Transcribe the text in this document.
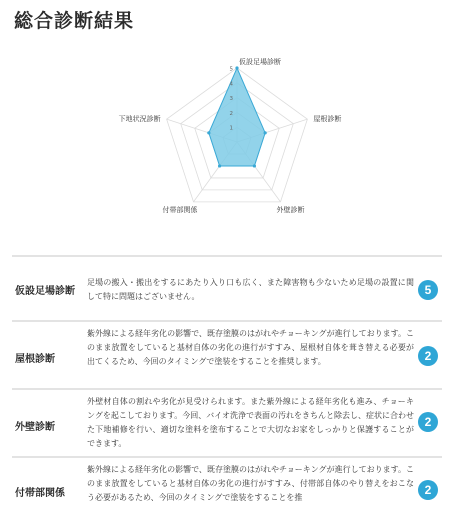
総合診断結果
1
2
3
4
5
仮設足場診断
屋根診断
外壁診断
付帯部関係
下地状況診断
仮設足場診断
足場の搬入・搬出をするにあたり入り口も広く、また障害物も少ないため足場の設置に関して特に問題はございません。	5
屋根診断
紫外線による経年劣化の影響で、既存塗膜のはがれやチョーキングが進行しております。このまま放置をしていると基材自体の劣化の進行がすすみ、屋根材自体を葺き替える必要が出てくるため、今回のタイミングで塗装をすることを推奨します。	2
外壁診断
外壁材自体の割れや劣化が見受けられます。また紫外線による経年劣化も進み、チョーキングを起こしております。今回、バイオ洗浄で表面の汚れをきちんと除去し、症状に合わせた下地補修を行い、適切な塗料を塗布することで大切なお家をしっかりと保護することができます。
2
付帯部関係
紫外線による経年劣化の影響で、既存塗膜のはがれやチョーキングが進行しております。このまま放置をしていると基材自体の劣化の進行がすすみ、付帯部自体のやり替えをおこなう必要があるため、今回のタイミングで塗装をすることを推
2
